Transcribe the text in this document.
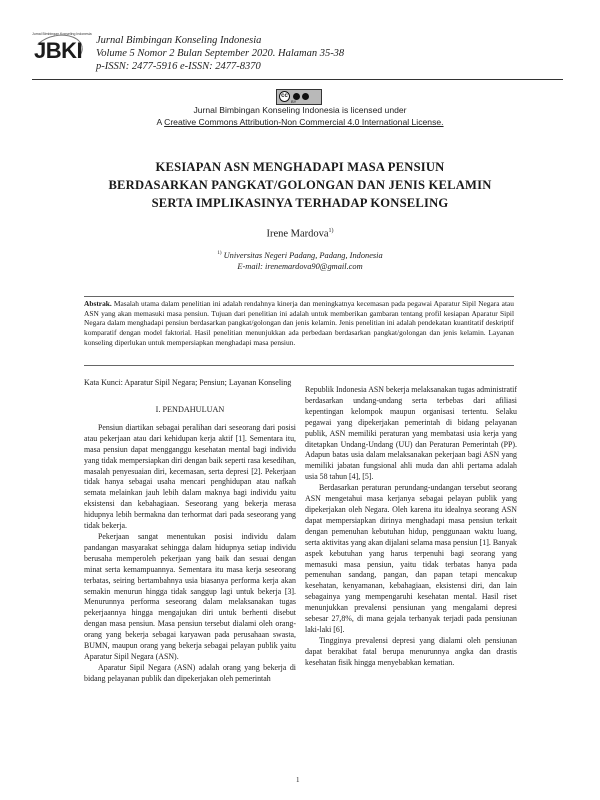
Jurnal Bimbingan Konseling Indonesia
JBKI Jurnal Bimbingan Konseling Indonesia
Volume 5 Nomor 2 Bulan September 2020. Halaman 35-38
p-ISSN: 2477-5916 e-ISSN: 2477-8370
cc
BY
Jurnal Bimbingan Konseling Indonesia is licensed under
A Creative Commons Attribution-Non Commercial 4.0 International License.
KESIAPAN ASN MENGHADAPI MASA PENSIUN
BERDASARKAN PANGKAT/GOLONGAN DAN JENIS KELAMIN
SERTA IMPLIKASINYA TERHADAP KONSELING
Irene Mardova$^{1)}$
$^{1)}$ Universitas Negeri Padang, Padang, Indonesia
E-mail: irenemardova90@gmail.com
Abstrak. Masalah utama dalam penelitian ini adalah rendahnya kinerja dan meningkatnya kecemasan pada pegawai Aparatur Sipil Negara atau ASN yang akan memasuki masa pensiun. Tujuan dari penelitian ini adalah untuk memberikan gambaran tentang profil kesiapan Aparatur Sipil Negara dalam menghadapi pensiun berdasarkan pangkat/golongan dan jenis kelamin. Jenis penelitian ini adalah pendekatan kuantitatif deskriptif komparatif dengan model faktorial. Hasil penelitian menunjukkan ada perbedaan berdasarkan pangkat/golongan dan jenis kelamin. Layanan konseling diperlukan untuk mempersiapkan menghadapi masa pensiun.
Kata Kunci: Aparatur Sipil Negara; Pensiun; Layanan Konseling

I. PENDAHULUAN

Pensiun diartikan sebagai peralihan dari seseorang dari posisi atau pekerjaan atau dari kehidupan kerja aktif [1]. Sementara itu, masa pensiun dapat mengganggu kesehatan mental bagi individu yang tidak mempersiapkan diri dengan baik seperti rasa kesedihan, masalah penyesuaian diri, kecemasan, serta depresi [2]. Pekerjaan tidak hanya sebagai usaha mencari penghidupan atau nafkah semata melainkan jauh lebih dalam maknya bagi individu yaitu eksistensi dan kebahagiaan. Seseorang yang bekerja merasa hidupnya lebih bermakna dan terhormat dari pada seseorang yang tidak bekerja.

Pekerjaan sangat menentukan posisi individu dalam pandangan masyarakat sehingga dalam hidupnya setiap individu berusaha memperoleh pekerjaan yang baik dan sesuai dengan minat serta kemampuannya. Sementara itu masa kerja seseorang terbatas, seiring bertambahnya usia biasanya performa kerja akan semakin menurun hingga tidak sanggup lagi untuk bekerja [3]. Menurunnya performa seseorang dalam melaksanakan tugas pekerjaannya hingga mengajukan diri untuk berhenti disebut dengan masa pensiun. Masa pensiun tersebut dialami oleh orang-orang yang bekerja sebagai karyawan pada perusahaan swasta, BUMN, maupun orang yang bekerja sebagai pelayan publik yaitu Aparatur Sipil Negara (ASN).

Aparatur Sipil Negara (ASN) adalah orang yang bekerja di bidang pelayanan publik dan dipekerjakan oleh pemerintah

Republik Indonesia ASN bekerja melaksanakan tugas administratif berdasarkan undang-undang serta terbebas dari afiliasi kepentingan kelompok maupun organisasi tertentu. Selaku pegawai yang dipekerjakan pemerintah di bidang pelayanan publik, ASN memiliki peraturan yang membatasi usia kerja yang ditetapkan Undang-Undang (UU) dan Peraturan Pemerintah (PP). Adapun batas usia dalam melaksanakan pekerjaan bagi ASN yang memiliki jabatan fungsional ahli muda dan ahli pertama adalah usia 58 tahun [4], [5].

Berdasarkan peraturan perundang-undangan tersebut seorang ASN mengetahui masa kerjanya sebagai pelayan publik yang dipekerjakan oleh Negara. Oleh karena itu idealnya seorang ASN dapat mempersiapkan dirinya menghadapi masa pensiun terkait dengan pemenuhan kebutuhan hidup, penggunaan waktu luang, serta aktivitas yang akan dijalani selama masa pensiun [1]. Banyak aspek kebutuhan yang harus terpenuhi bagi seorang yang memasuki masa pensiun, yaitu tidak terbatas hanya pada pemenuhan sandang, pangan, dan papan tetapi mencakup kesehatan, kenyamanan, kebahagiaan, eksistensi diri, dan lain sebagainya yang mempengaruhi kesehatan mental. Hasil riset menunjukkan prevalensi pensiunan yang mengalami depresi sebesar 27,8%, di mana gejala terbanyak terjadi pada pensiunan laki-laki [6].

Tingginya prevalensi depresi yang dialami oleh pensiunan dapat berakibat fatal berupa menurunnya angka dan drastis kesehatan fisik hingga menyebabkan kematian.

1
